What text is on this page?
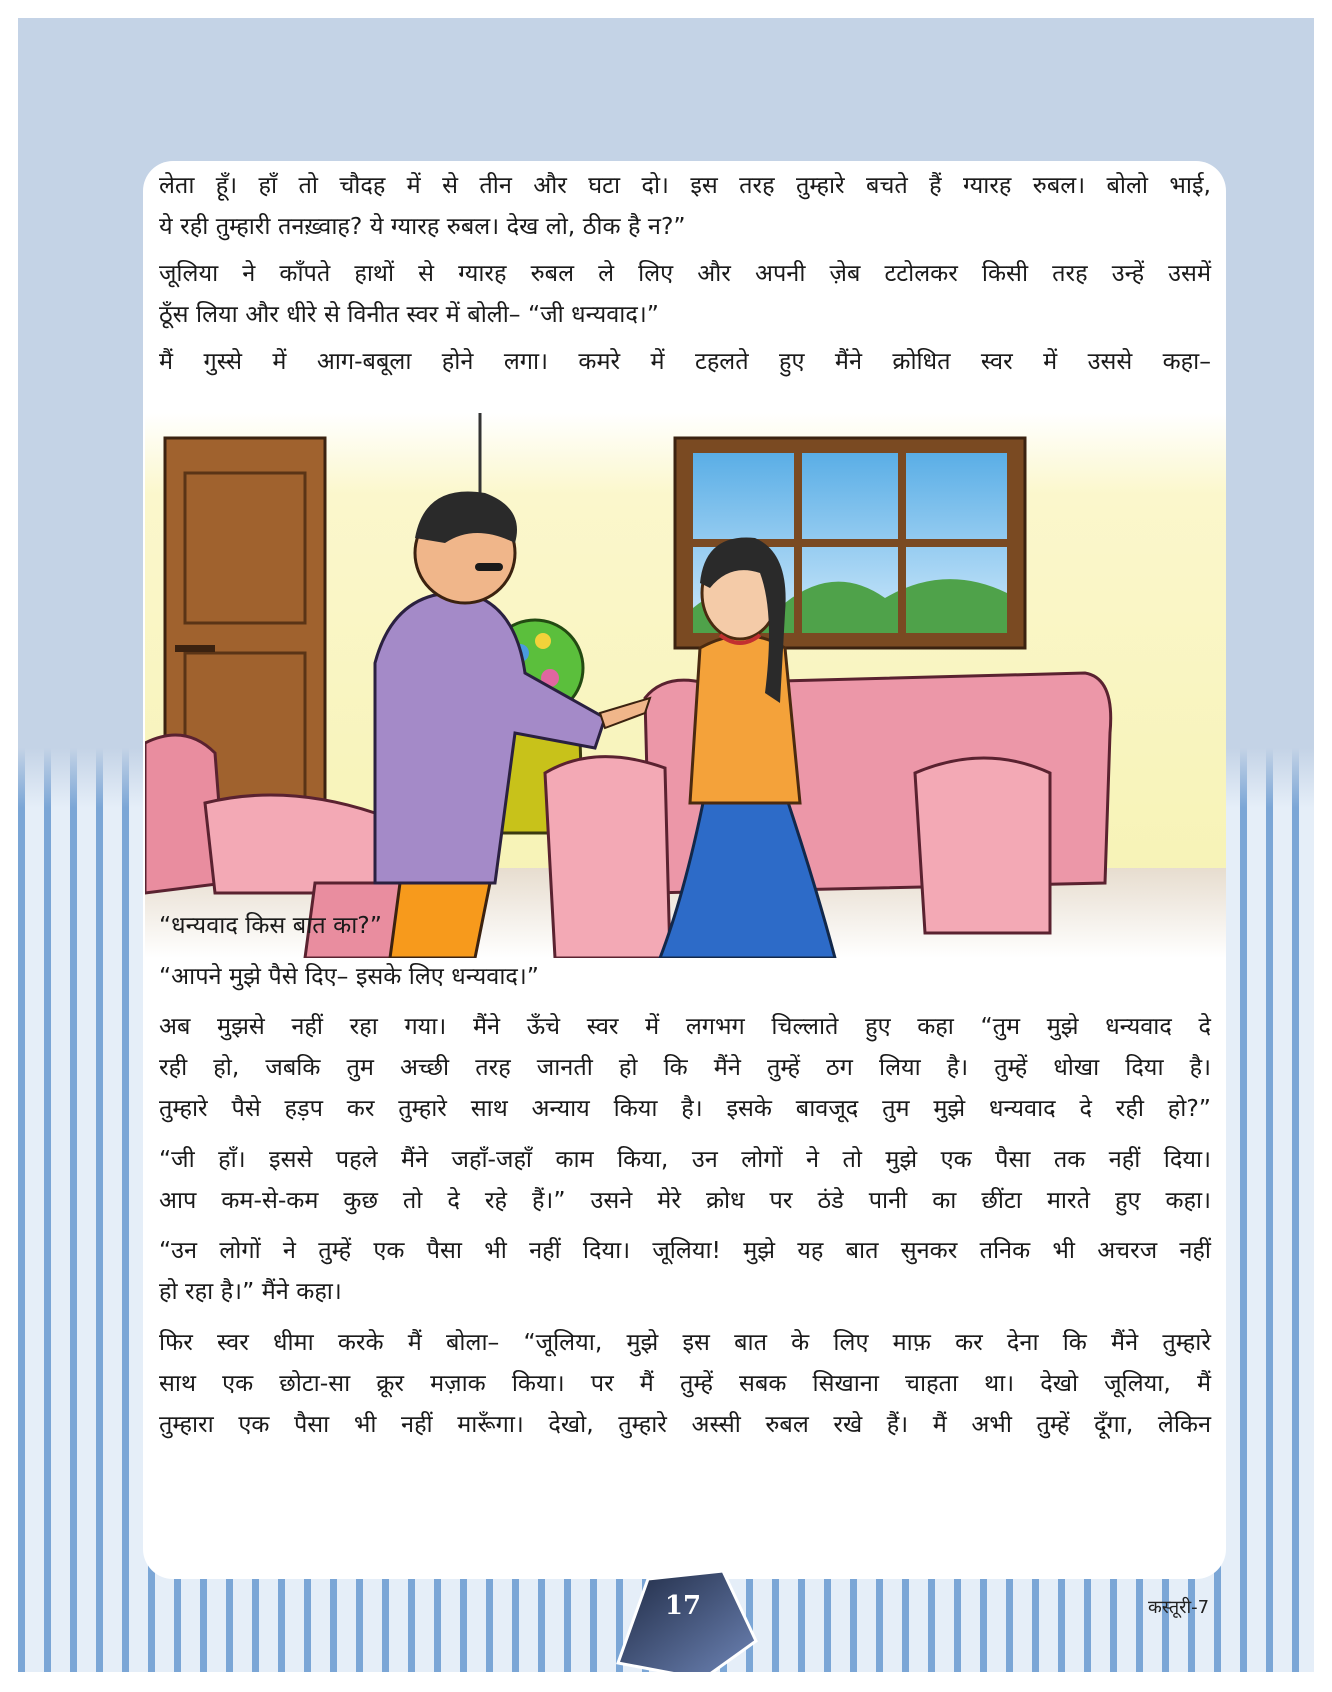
लेता हूँ। हाँ तो चौदह में से तीन और घटा दो। इस तरह तुम्हारे बचते हैं ग्यारह रुबल। बोलो भाई,

ये रही तुम्हारी तनख़्वाह? ये ग्यारह रुबल। देख लो, ठीक है न?”

जूलिया ने काँपते हाथों से ग्यारह रुबल ले लिए और अपनी ज़ेब टटोलकर किसी तरह उन्हें उसमें

ठूँस लिया और धीरे से विनीत स्वर में बोली– “जी धन्यवाद।”

मैं गुस्से में आग-बबूला होने लगा। कमरे में टहलते हुए मैंने क्रोधित स्वर में उससे कहा–

“धन्यवाद किस बात का?”

“आपने मुझे पैसे दिए– इसके लिए धन्यवाद।”

अब मुझसे नहीं रहा गया। मैंने ऊँचे स्वर में लगभग चिल्लाते हुए कहा “तुम मुझे धन्यवाद दे

रही हो, जबकि तुम अच्छी तरह जानती हो कि मैंने तुम्हें ठग लिया है। तुम्हें धोखा दिया है।

तुम्हारे पैसे हड़प कर तुम्हारे साथ अन्याय किया है। इसके बावजूद तुम मुझे धन्यवाद दे रही हो?”

“जी हाँ। इससे पहले मैंने जहाँ-जहाँ काम किया, उन लोगों ने तो मुझे एक पैसा तक नहीं दिया।

आप कम-से-कम कुछ तो दे रहे हैं।” उसने मेरे क्रोध पर ठंडे पानी का छींटा मारते हुए कहा।

“उन लोगों ने तुम्हें एक पैसा भी नहीं दिया। जूलिया! मुझे यह बात सुनकर तनिक भी अचरज नहीं

हो रहा है।” मैंने कहा।

फिर स्वर धीमा करके मैं बोला– “जूलिया, मुझे इस बात के लिए माफ़ कर देना कि मैंने तुम्हारे

साथ एक छोटा-सा क्रूर मज़ाक किया। पर मैं तुम्हें सबक सिखाना चाहता था। देखो जूलिया, मैं

तुम्हारा एक पैसा भी नहीं मारूँगा। देखो, तुम्हारे अस्सी रुबल रखे हैं। मैं अभी तुम्हें दूँगा, लेकिन

17	कस्तूरी-7
